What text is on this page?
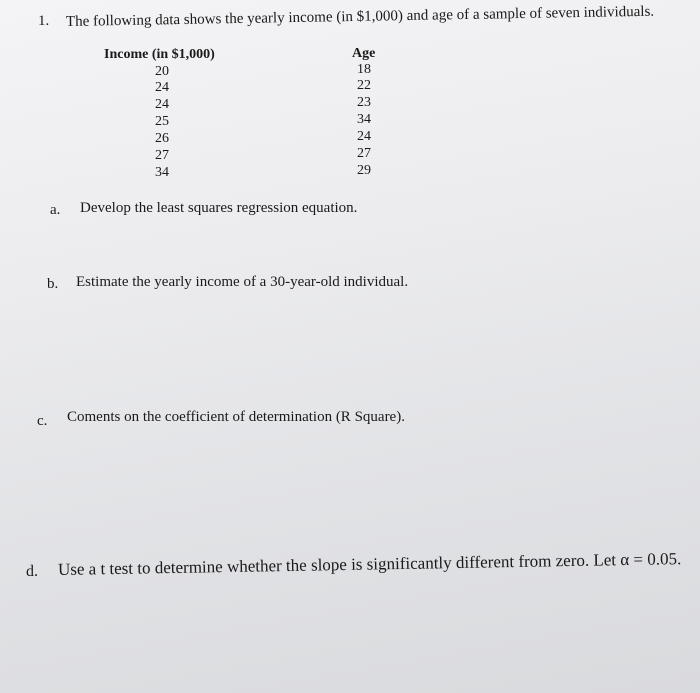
1. The following data shows the yearly income (in $1,000) and age of a sample of seven individuals.
Income (in $1,000)	Age
20	18
24	22
24	23
25	34
26	24
27	27
34	29
a. Develop the least squares regression equation.
b. Estimate the yearly income of a 30-year-old individual.
c. Coments on the coefficient of determination (R Square).
d. Use a t test to determine whether the slope is significantly different from zero. Let α = 0.05.
